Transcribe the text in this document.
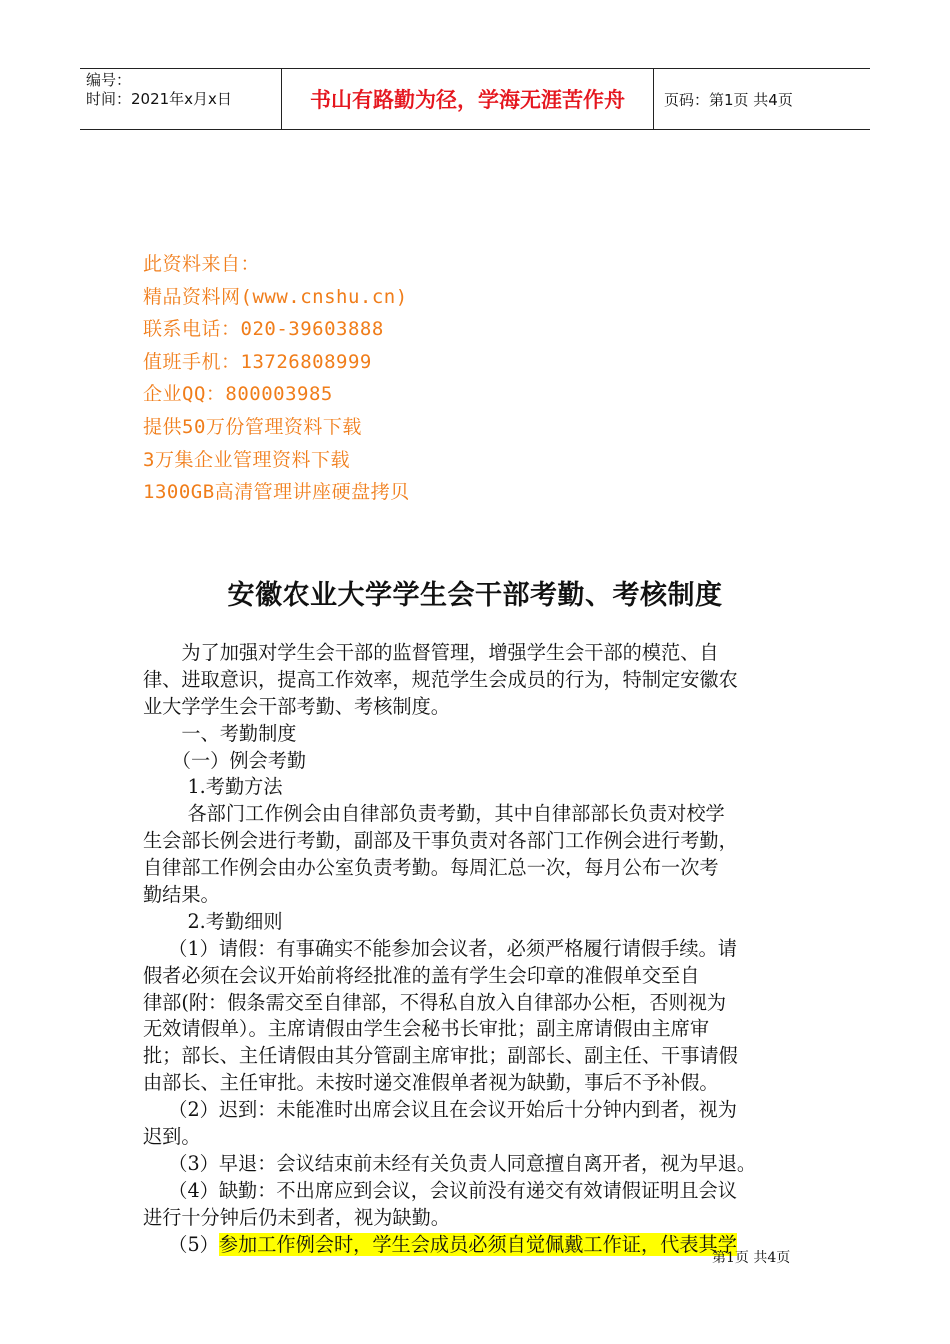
编号：
时间：2021年x月x日	书山有路勤为径，学海无涯苦作舟	页码：第1页 共4页
此资料来自：
精品资料网(www.cnshu.cn)
联系电话：020-39603888
值班手机：13726808999
企业QQ：800003985
提供50万份管理资料下载
3万集企业管理资料下载
1300GB高清管理讲座硬盘拷贝
安徽农业大学学生会干部考勤、考核制度
　　为了加强对学生会干部的监督管理，增强学生会干部的模范、自
律、进取意识，提高工作效率，规范学生会成员的行为，特制定安徽农
业大学学生会干部考勤、考核制度。
　　一、考勤制度
　　（一）例会考勤
　　 1.考勤方法
　　 各部门工作例会由自律部负责考勤，其中自律部部长负责对校学
生会部长例会进行考勤，副部及干事负责对各部门工作例会进行考勤，
自律部工作例会由办公室负责考勤。每周汇总一次，每月公布一次考
勤结果。
　　 2.考勤细则
　 （1）请假：有事确实不能参加会议者，必须严格履行请假手续。请
假者必须在会议开始前将经批准的盖有学生会印章的准假单交至自
律部(附：假条需交至自律部，不得私自放入自律部办公柜，否则视为
无效请假单）。主席请假由学生会秘书长审批；副主席请假由主席审
批；部长、主任请假由其分管副主席审批；副部长、副主任、干事请假
由部长、主任审批。未按时递交准假单者视为缺勤，事后不予补假。
　 （2）迟到：未能准时出席会议且在会议开始后十分钟内到者，视为
迟到。
　 （3）早退：会议结束前未经有关负责人同意擅自离开者，视为早退。
　 （4）缺勤：不出席应到会议，会议前没有递交有效请假证明且会议
进行十分钟后仍未到者，视为缺勤。
　 （5）参加工作例会时，学生会成员必须自觉佩戴工作证，代表其学
第1页 共4页
